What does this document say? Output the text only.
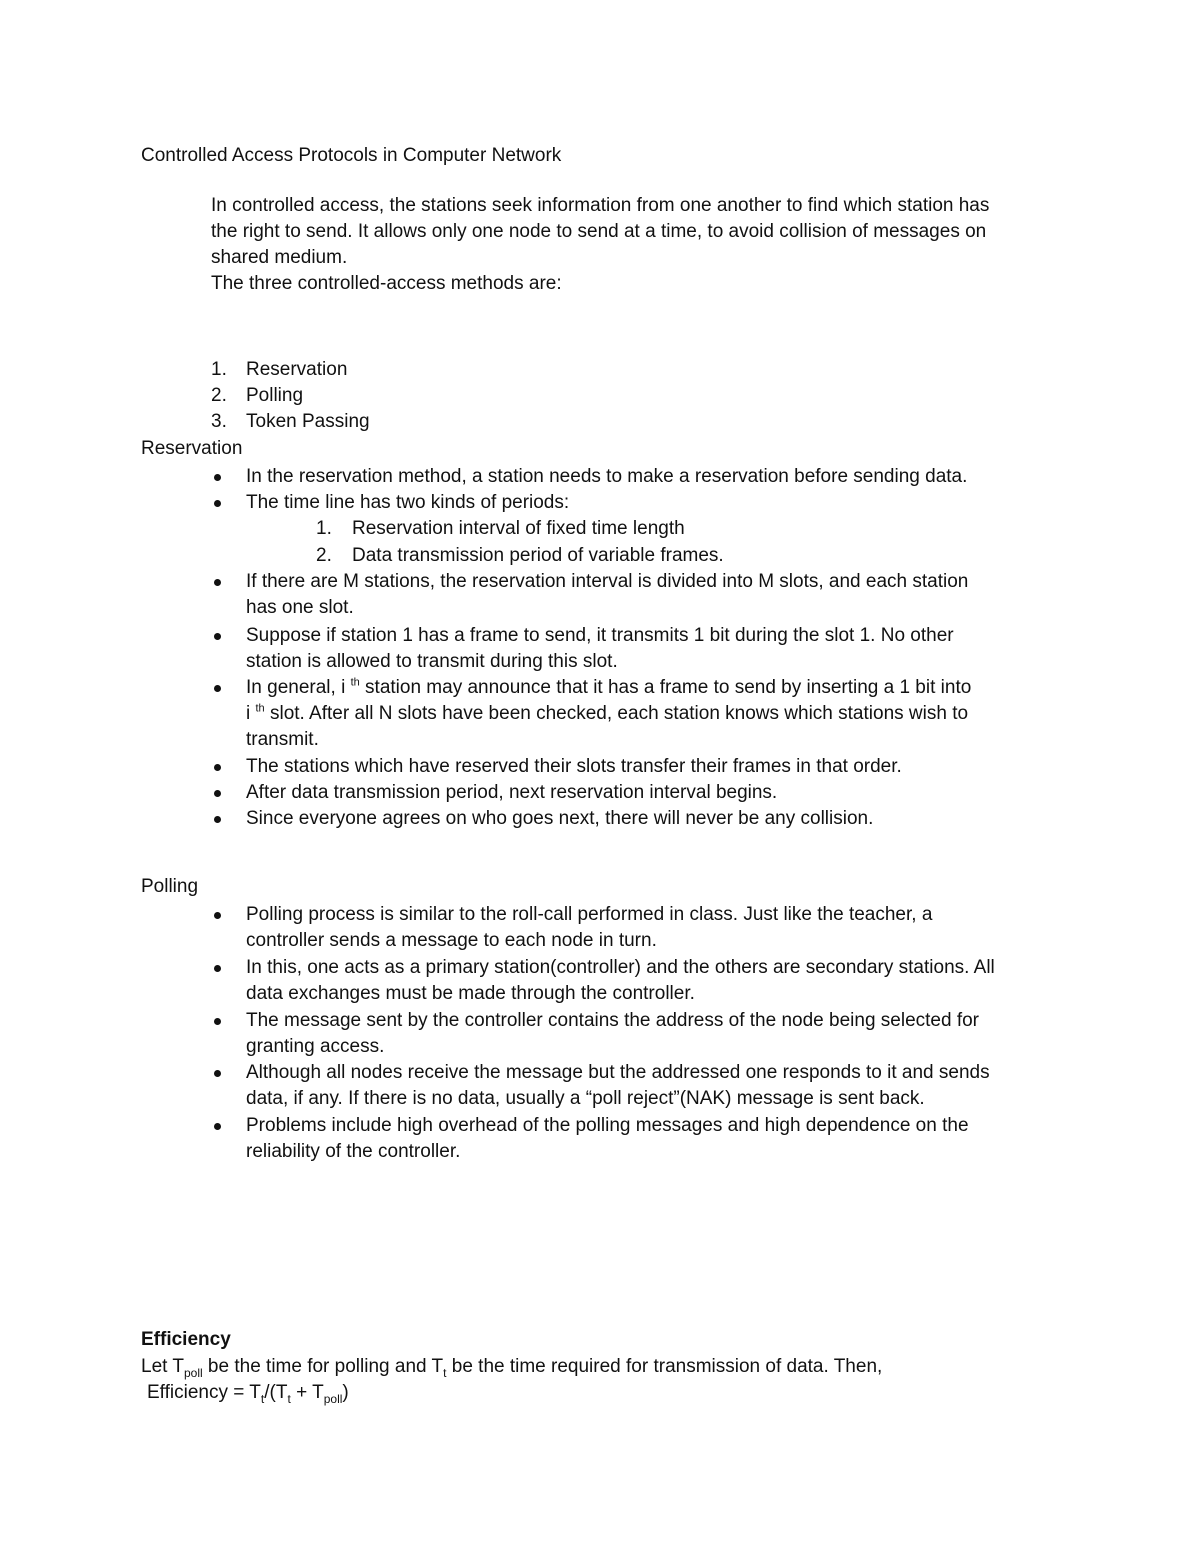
Controlled Access Protocols in Computer Network
In controlled access, the stations seek information from one another to find which station has
the right to send. It allows only one node to send at a time, to avoid collision of messages on
shared medium.
The three controlled-access methods are:
1. Reservation
2. Polling
3. Token Passing
Reservation
In the reservation method, a station needs to make a reservation before sending data.
The time line has two kinds of periods:
1. Reservation interval of fixed time length
2. Data transmission period of variable frames.
If there are M stations, the reservation interval is divided into M slots, and each station
has one slot.
Suppose if station 1 has a frame to send, it transmits 1 bit during the slot 1. No other
station is allowed to transmit during this slot.
In general, i $^{th}$ station may announce that it has a frame to send by inserting a 1 bit into
i $^{th}$ slot. After all N slots have been checked, each station knows which stations wish to
transmit.
The stations which have reserved their slots transfer their frames in that order.
After data transmission period, next reservation interval begins.
Since everyone agrees on who goes next, there will never be any collision.
Polling
Polling process is similar to the roll-call performed in class. Just like the teacher, a
controller sends a message to each node in turn.
In this, one acts as a primary station(controller) and the others are secondary stations. All
data exchanges must be made through the controller.
The message sent by the controller contains the address of the node being selected for
granting access.
Although all nodes receive the message but the addressed one responds to it and sends
data, if any. If there is no data, usually a “poll reject”(NAK) message is sent back.
Problems include high overhead of the polling messages and high dependence on the
reliability of the controller.
Efficiency
Let $T_{poll}$ be the time for polling and $T_t$ be the time required for transmission of data. Then,
Efficiency = $T_t/(T_t + T_{poll})$
